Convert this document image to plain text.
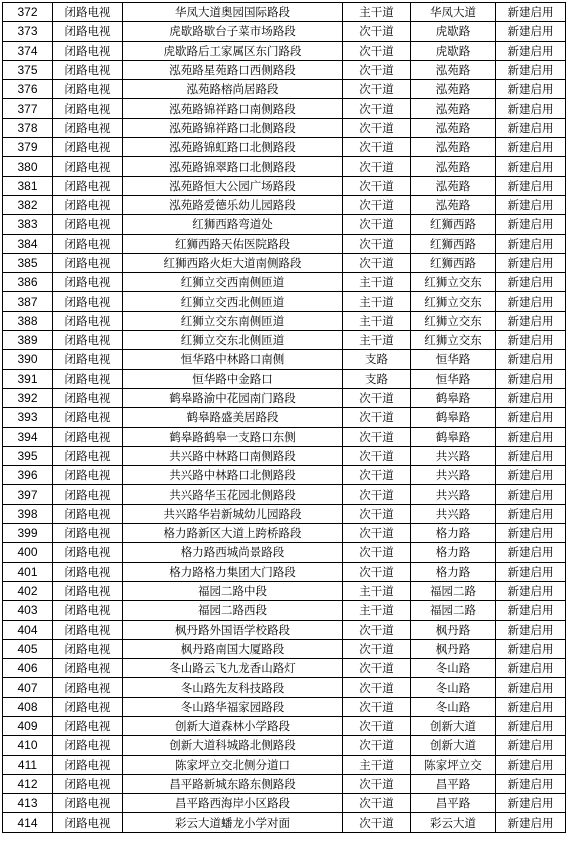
372	闭路电视	华凤大道奥园国际路段	主干道	华凤大道	新建启用
373	闭路电视	虎歇路歇台子菜市场路段	次干道	虎歇路	新建启用
374	闭路电视	虎歇路后工家属区东门路段	次干道	虎歇路	新建启用
375	闭路电视	泓苑路星苑路口西侧路段	次干道	泓苑路	新建启用
376	闭路电视	泓苑路榕尚居路段	次干道	泓苑路	新建启用
377	闭路电视	泓苑路锦祥路口南侧路段	次干道	泓苑路	新建启用
378	闭路电视	泓苑路锦祥路口北侧路段	次干道	泓苑路	新建启用
379	闭路电视	泓苑路锦虹路口北侧路段	次干道	泓苑路	新建启用
380	闭路电视	泓苑路锦翠路口北侧路段	次干道	泓苑路	新建启用
381	闭路电视	泓苑路恒大公园广场路段	次干道	泓苑路	新建启用
382	闭路电视	泓苑路爱德乐幼儿园路段	次干道	泓苑路	新建启用
383	闭路电视	红狮西路弯道处	次干道	红狮西路	新建启用
384	闭路电视	红狮西路天佑医院路段	次干道	红狮西路	新建启用
385	闭路电视	红狮西路火炬大道南侧路段	次干道	红狮西路	新建启用
386	闭路电视	红狮立交西南侧匝道	主干道	红狮立交东	新建启用
387	闭路电视	红狮立交西北侧匝道	主干道	红狮立交东	新建启用
388	闭路电视	红狮立交东南侧匝道	主干道	红狮立交东	新建启用
389	闭路电视	红狮立交东北侧匝道	主干道	红狮立交东	新建启用
390	闭路电视	恒华路中林路口南侧	支路	恒华路	新建启用
391	闭路电视	恒华路中金路口	支路	恒华路	新建启用
392	闭路电视	鹤皋路渝中花园南门路段	次干道	鹤皋路	新建启用
393	闭路电视	鹤皋路盛美居路段	次干道	鹤皋路	新建启用
394	闭路电视	鹤皋路鹤皋一支路口东侧	次干道	鹤皋路	新建启用
395	闭路电视	共兴路中林路口南侧路段	次干道	共兴路	新建启用
396	闭路电视	共兴路中林路口北侧路段	次干道	共兴路	新建启用
397	闭路电视	共兴路华玉花园北侧路段	次干道	共兴路	新建启用
398	闭路电视	共兴路华岩新城幼儿园路段	次干道	共兴路	新建启用
399	闭路电视	格力路新区大道上跨桥路段	次干道	格力路	新建启用
400	闭路电视	格力路西城尚景路段	次干道	格力路	新建启用
401	闭路电视	格力路格力集团大门路段	次干道	格力路	新建启用
402	闭路电视	福园二路中段	主干道	福园二路	新建启用
403	闭路电视	福园二路西段	主干道	福园二路	新建启用
404	闭路电视	枫丹路外国语学校路段	次干道	枫丹路	新建启用
405	闭路电视	枫丹路南国大厦路段	次干道	枫丹路	新建启用
406	闭路电视	冬山路云飞九龙香山路灯	次干道	冬山路	新建启用
407	闭路电视	冬山路先友科技路段	次干道	冬山路	新建启用
408	闭路电视	冬山路华福家园路段	次干道	冬山路	新建启用
409	闭路电视	创新大道森林小学路段	次干道	创新大道	新建启用
410	闭路电视	创新大道科城路北侧路段	次干道	创新大道	新建启用
411	闭路电视	陈家坪立交北侧分道口	主干道	陈家坪立交	新建启用
412	闭路电视	昌平路新城东路东侧路段	次干道	昌平路	新建启用
413	闭路电视	昌平路西海岸小区路段	次干道	昌平路	新建启用
414	闭路电视	彩云大道蟠龙小学对面	次干道	彩云大道	新建启用
